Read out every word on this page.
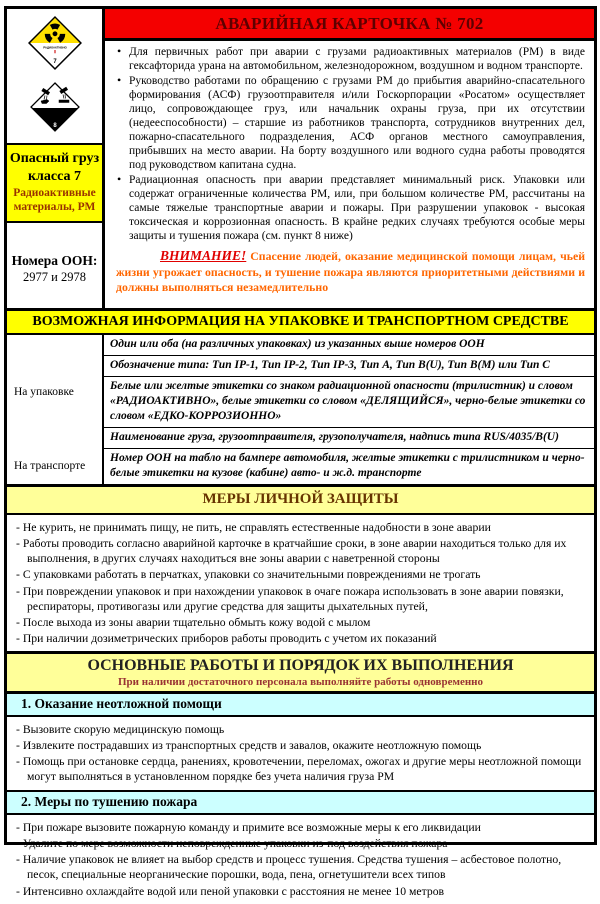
РАДИОАКТИВНО
7
8
Опасный груз класса 7
Радиоактивные материалы, РМ
Номера ООН:
2977 и 2978
АВАРИЙНАЯ КАРТОЧКА № 702
• Для первичных работ при аварии с грузами радиоактивных материалов (РМ) в виде гексафторида урана на автомобильном, железнодорожном, воздушном и водном транспорте.
• Руководство работами по обращению с грузами РМ до прибытия аварийно-спасательного формирования (АСФ) грузоотправителя и/или Госкорпорации «Росатом» осуществляет лицо, сопровождающее груз, или начальник охраны груза, при их отсутствии (недееспособности) – старшие из работников транспорта, сотрудников внутренних дел, пожарно-спасательного подразделения, АСФ органов местного самоуправления, прибывших на место аварии. На борту воздушного или водного судна работы проводятся под руководством капитана судна.
• Радиационная опасность при аварии представляет минимальный риск. Упаковки или содержат ограниченные количества РМ, или, при большом количестве РМ, рассчитаны на самые тяжелые транспортные аварии и пожары. При разрушении упаковок - высокая токсическая и коррозионная опасность. В крайне редких случаях требуются особые меры защиты и тушения пожара (см. пункт 8 ниже)

ВНИМАНИЕ! Спасение людей, оказание медицинской помощи лицам, чьей жизни угрожает опасность, и тушение пожара являются приоритетными действиями и должны выполняться незамедлительно

ВОЗМОЖНАЯ ИНФОРМАЦИЯ НА УПАКОВКЕ И ТРАНСПОРТНОМ СРЕДСТВЕ
На упаковке
Один или оба (на различных упаковках) из указанных выше номеров ООН
Обозначение типа: Тип IP-1, Тип IP-2, Тип IP-3, Тип А, Тип B(U), Тип B(M) или Тип С
Белые или желтые этикетки со знаком радиационной опасности (трилистник) и словом «РАДИОАКТИВНО», белые этикетки со словом «ДЕЛЯЩИЙСЯ», черно-белые этикетки со словом «ЕДКО-КОРРОЗИОННО»
Наименование груза, грузоотправителя, грузополучателя, надпись типа RUS/4035/B(U)
На транспорте
Номер ООН на табло на бампере автомобиля, желтые этикетки с трилистником и черно-белые этикетки на кузове (кабине) авто- и ж.д. транспорте
МЕРЫ ЛИЧНОЙ ЗАЩИТЫ
- Не курить, не принимать пищу, не пить, не справлять естественные надобности в зоне аварии
- Работы проводить согласно аварийной карточке в кратчайшие сроки, в зоне аварии находиться только для их выполнения, в других случаях находиться вне зоны аварии с наветренной стороны
- С упаковками работать в перчатках, упаковки со значительными повреждениями не трогать
- При повреждении упаковок и при нахождении упаковок в очаге пожара использовать в зоне аварии повязки, респираторы, противогазы или другие средства для защиты дыхательных путей,
- После выхода из зоны аварии тщательно обмыть кожу водой с мылом
- При наличии дозиметрических приборов работы проводить с учетом их показаний
ОСНОВНЫЕ РАБОТЫ И ПОРЯДОК ИХ ВЫПОЛНЕНИЯ
При наличии достаточного персонала выполняйте работы одновременно
1. Оказание неотложной помощи
- Вызовите скорую медицинскую помощь
- Извлеките пострадавших из транспортных средств и завалов, окажите неотложную помощь
- Помощь при остановке сердца, ранениях, кровотечении, переломах, ожогах и другие меры неотложной помощи могут выполняться в установленном порядке без учета наличия груза РМ
2. Меры по тушению пожара
- При пожаре вызовите пожарную команду и примите все возможные меры к его ликвидации
- Удалите по мере возможности неповрежденные упаковки из-под воздействия пожара
- Наличие упаковок не влияет на выбор средств и процесс тушения. Средства тушения – асбестовое полотно, песок, специальные неорганические порошки, вода, пена, огнетушители всех типов
- Интенсивно охлаждайте водой или пеной упаковки с расстояния не менее 10 метров
